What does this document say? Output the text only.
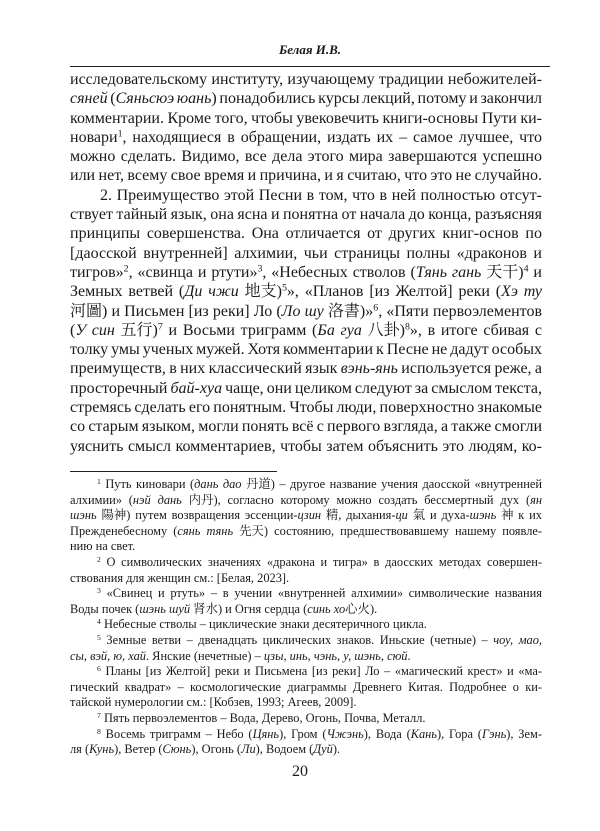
Белая И.В.
исследовательскому институту, изучающему традиции небожителей-
сяней (Сяньсюэ юань) понадобились курсы лекций, потому и закончил
комментарии. Кроме того, чтобы увековечить книги-основы Пути ки-
новари$^1$, находящиеся в обращении, издать их – самое лучшее, что
можно сделать. Видимо, все дела этого мира завершаются успешно
или нет, всему свое время и причина, и я считаю, что это не случайно.
2. Преимущество этой Песни в том, что в ней полностью отсут-
ствует тайный язык, она ясна и понятна от начала до конца, разъясняя
принципы совершенства. Она отличается от других книг-основ по
[даосской внутренней] алхимии, чьи страницы полны «драконов и
тигров»$^2$, «свинца и ртути»$^3$, «Небесных стволов (Тянь гань 天干)$^4$ и
Земных ветвей (Ди чжи 地支)$^5$», «Планов [из Желтой] реки (Хэ ту
河圖) и Письмен [из реки] Ло (Ло шу 洛書)»$^6$, «Пяти первоэлементов
(У син 五行)$^7$ и Восьми триграмм (Ба гуа 八卦)$^8$», в итоге сбивая с
толку умы ученых мужей. Хотя комментарии к Песне не дадут особых
преимуществ, в них классический язык вэнь-янь используется реже, а
просторечный бай-хуа чаще, они целиком следуют за смыслом текста,
стремясь сделать его понятным. Чтобы люди, поверхностно знакомые
со старым языком, могли понять всё с первого взгляда, а также смогли
уяснить смысл комментариев, чтобы затем объяснить это людям, ко-
$^1$ Путь киновари (дань дао 丹道) – другое название учения даосской «внутренней
алхимии» (нэй дань 内丹), согласно которому можно создать бессмертный дух (ян
шэнь 陽神) путем возвращения эссенции-цзин 精, дыхания-ци 氣 и духа-шэнь 神 к их
Прежденебесному (сянь тянь 先天) состоянию, предшествовавшему нашему появле-
нию на свет.
$^2$ О символических значениях «дракона и тигра» в даосских методах совершен-
ствования для женщин см.: [Белая, 2023].
$^3$ «Свинец и ртуть» – в учении «внутренней алхимии» символические названия
Воды почек (шэнь шуй 肾水) и Огня сердца (синь хо心火).
$^4$ Небесные стволы – циклические знаки десятеричного цикла.
$^5$ Земные ветви – двенадцать циклических знаков. Иньские (четные) – чоу, мао,
сы, вэй, ю, хай. Янские (нечетные) – цзы, инь, чэнь, у, шэнь, сюй.
$^6$ Планы [из Желтой] реки и Письмена [из реки] Ло – «магический крест» и «ма-
гический квадрат» – космологические диаграммы Древнего Китая. Подробнее о ки-
тайской нумерологии см.: [Кобзев, 1993; Агеев, 2009].
$^7$ Пять первоэлементов – Вода, Дерево, Огонь, Почва, Металл.
$^8$ Восемь триграмм – Небо (Цянь), Гром (Чжэнь), Вода (Кань), Гора (Гэнь), Зем-
ля (Кунь), Ветер (Сюнь), Огонь (Ли), Водоем (Дуй).
20
